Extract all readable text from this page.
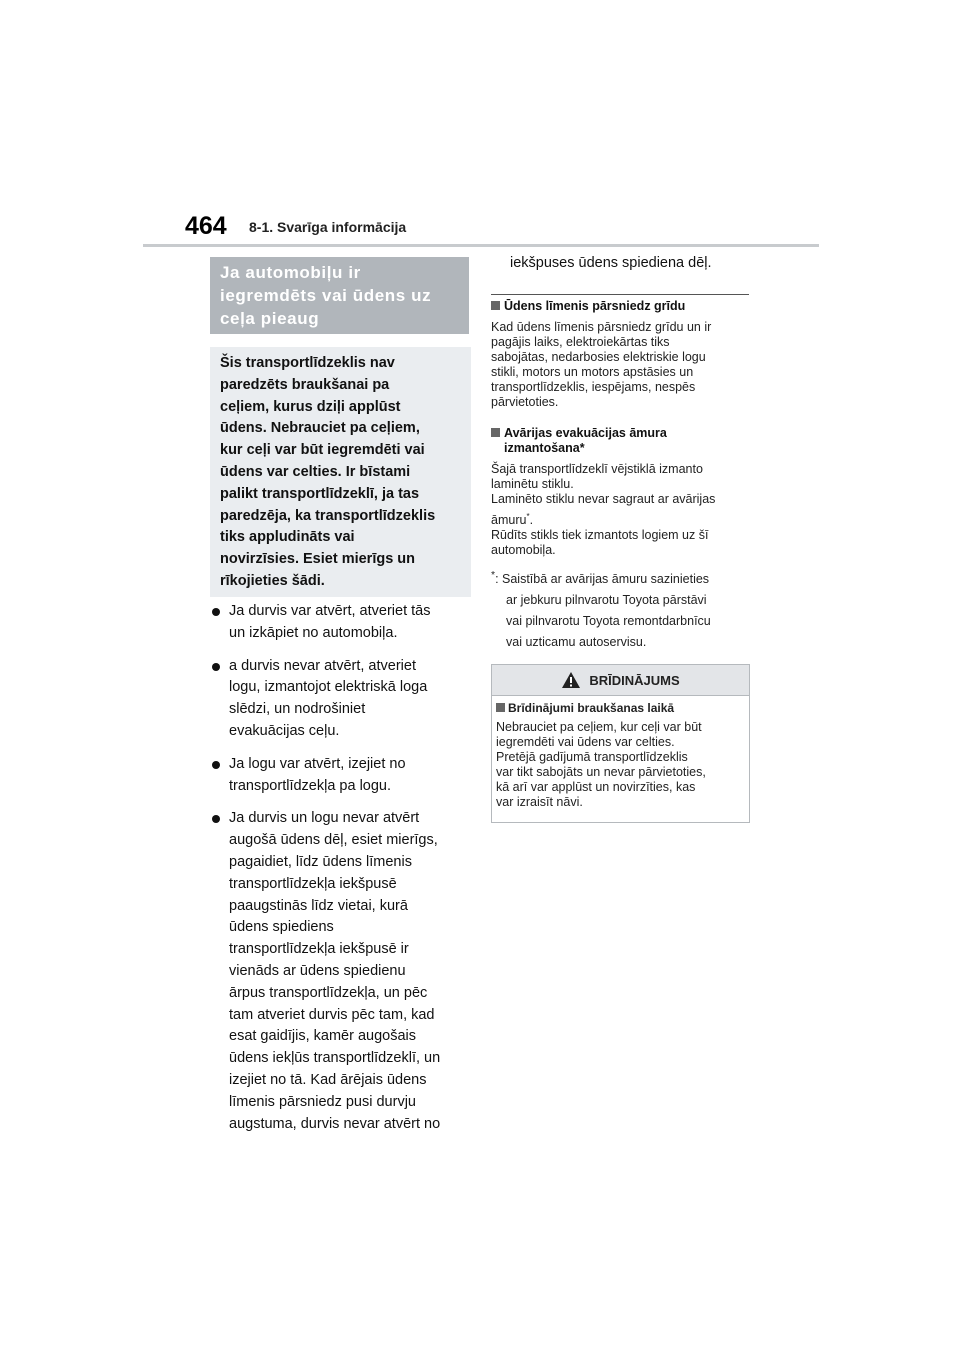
464 8-1. Svarīga informācija
Ja automobiļu ir
iegremdēts vai ūdens uz
ceļa pieaug
Šis transportlīdzeklis nav
paredzēts braukšanai pa
ceļiem, kurus dziļi applūst
ūdens. Nebrauciet pa ceļiem,
kur ceļi var būt iegremdēti vai
ūdens var celties. Ir bīstami
palikt transportlīdzeklī, ja tas
paredzēja, ka transportlīdzeklis
tiks appludināts vai
novirzīsies. Esiet mierīgs un
rīkojieties šādi.
Ja durvis var atvērt, atveriet tās
un izkāpiet no automobiļa.
a durvis nevar atvērt, atveriet
logu, izmantojot elektriskā loga
slēdzi, un nodrošiniet
evakuācijas ceļu.
Ja logu var atvērt, izejiet no
transportlīdzekļa pa logu.
Ja durvis un logu nevar atvērt
augošā ūdens dēļ, esiet mierīgs,
pagaidiet, līdz ūdens līmenis
transportlīdzekļa iekšpusē
paaugstinās līdz vietai, kurā
ūdens spiediens
transportlīdzekļa iekšpusē ir
vienāds ar ūdens spiedienu
ārpus transportlīdzekļa, un pēc
tam atveriet durvis pēc tam, kad
esat gaidījis, kamēr augošais
ūdens iekļūs transportlīdzeklī, un
izejiet no tā. Kad ārējais ūdens
līmenis pārsniedz pusi durvju
augstuma, durvis nevar atvērt no
iekšpuses ūdens spiediena dēļ.
Ūdens līmenis pārsniedz grīdu
Kad ūdens līmenis pārsniedz grīdu un ir
pagājis laiks, elektroiekārtas tiks
sabojātas, nedarbosies elektriskie logu
stikli, motors un motors apstāsies un
transportlīdzeklis, iespējams, nespēs
pārvietoties.
Avārijas evakuācijas āmura
izmantošana*
Šajā transportlīdzeklī vējstiklā izmanto
laminētu stiklu.
Laminēto stiklu nevar sagraut ar avārijas
āmuru*.
Rūdīts stikls tiek izmantots logiem uz šī
automobiļa.
*: Saistībā ar avārijas āmuru sazinieties
ar jebkuru pilnvarotu Toyota pārstāvi
vai pilnvarotu Toyota remontdarbnīcu
vai uzticamu autoservisu.
BRĪDINĀJUMS
Brīdinājumi braukšanas laikā
Nebrauciet pa ceļiem, kur ceļi var būt
iegremdēti vai ūdens var celties.
Pretējā gadījumā transportlīdzeklis
var tikt sabojāts un nevar pārvietoties,
kā arī var applūst un novirzīties, kas
var izraisīt nāvi.
